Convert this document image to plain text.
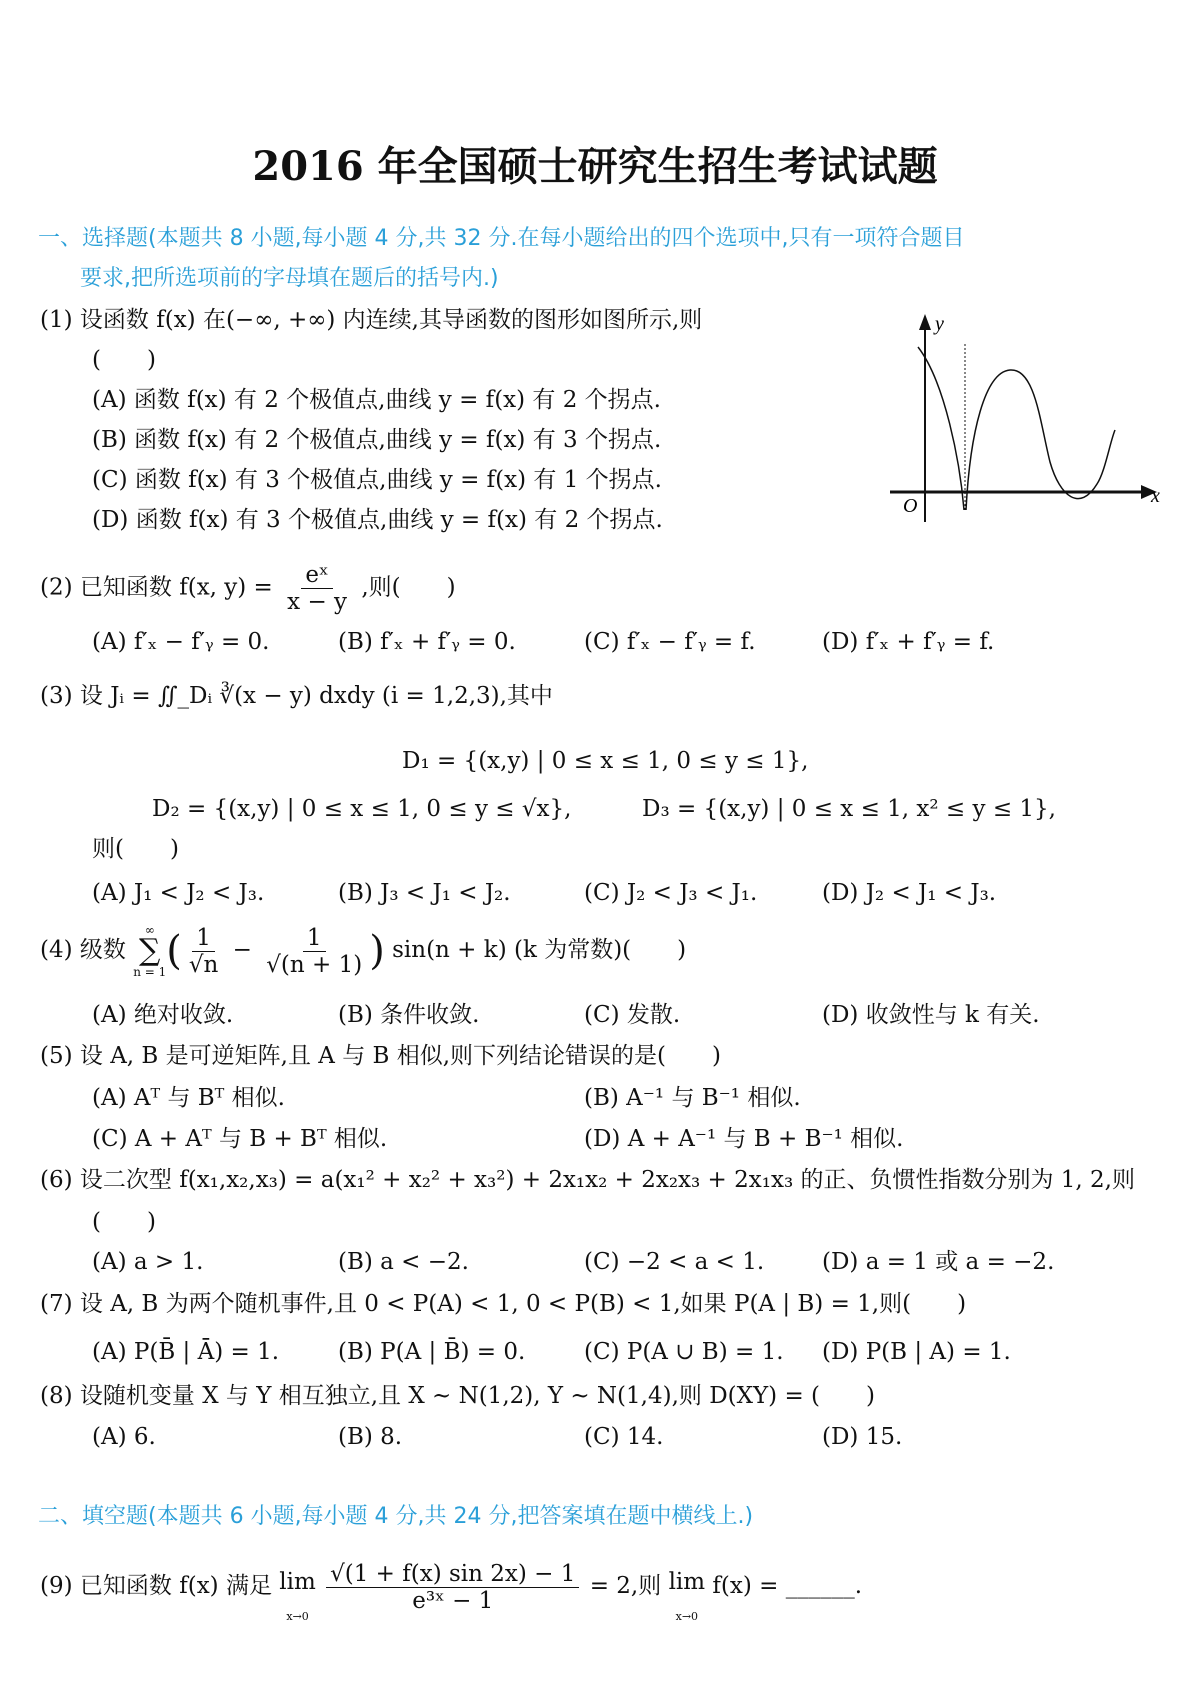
2016 年全国硕士研究生招生考试试题
一、选择题(本题共 8 小题,每小题 4 分,共 32 分.在每小题给出的四个选项中,只有一项符合题目
要求,把所选项前的字母填在题后的括号内.)
(1) 设函数 f(x) 在(−∞, +∞) 内连续,其导函数的图形如图所示,则
(　　)
(A) 函数 f(x) 有 2 个极值点,曲线 y = f(x) 有 2 个拐点.
(B) 函数 f(x) 有 2 个极值点,曲线 y = f(x) 有 3 个拐点.
(C) 函数 f(x) 有 3 个极值点,曲线 y = f(x) 有 1 个拐点.
(D) 函数 f(x) 有 3 个极值点,曲线 y = f(x) 有 2 个拐点.
y
x
O
(2) 已知函数 f(x, $y) = \frac{\text{eˣ}}{x - y}$ ,则(　　)
(A) f′ₓ − f′ᵧ = 0.	(B) f′ₓ + f′ᵧ = 0.	(C) f′ₓ − f′ᵧ = f.	(D) f′ₓ + f′ᵧ = f.
(3) 设 Jᵢ = ∬_Dᵢ ∛(x − y) dxdy (i = 1,2,3),其中
D₁ = {(x,y) | 0 ≤ x ≤ 1, 0 ≤ y ≤ 1},
D₂ = {(x,y) | 0 ≤ x ≤ 1, 0 ≤ y ≤ √x},	D₃ = {(x,y) | 0 ≤ x ≤ 1, x² ≤ y ≤ 1},
则(　　)
(A) J₁ < J₂ < J₃.	(B) J₃ < J₁ < J₂.	(C) J₂ < J₃ < J₁.	(D) J₂ < J₁ < J₃.
(4) 级数
∞
∑
n = 1 ( $\frac{1}{√n} - \frac{1}{√(n + 1)}$ ) sin(n + k) (k 为常数)(　　)
(A) 绝对收敛.	(B) 条件收敛.	(C) 发散.	(D) 收敛性与 k 有关.
(5) 设 A, B 是可逆矩阵,且 A 与 B 相似,则下列结论错误的是(　　)
(A) Aᵀ 与 Bᵀ 相似.	(B) A⁻¹ 与 B⁻¹ 相似.
(C) A + Aᵀ 与 B + Bᵀ 相似.	(D) A + A⁻¹ 与 B + B⁻¹ 相似.
(6) 设二次型 f(x₁,x₂,x₃) = a(x₁² + x₂² + x₃²) + 2x₁x₂ + 2x₂x₃ + 2x₁x₃ 的正、负惯性指数分别为 1, 2,则
(　　)
(A) a > 1.	(B) a < −2.	(C) −2 < a < 1.	(D) a = 1 或 a = −2.
(7) 设 A, B 为两个随机事件,且 0 < P(A) < 1, 0 < P(B) < 1,如果 P(A | B) = 1,则(　　)
(A) P(B̄ | Ā) = 1.	(B) P(A | B̄) = 0.	(C) P(A ∪ B) = 1. (D) P(B | A) = 1.
(8) 设随机变量 X 与 Y 相互独立,且 X ~ N(1,2), Y ~ N(1,4),则 D(XY) = (　　)
(A) 6.	(B) 8.	(C) 14.	(D) 15.
二、填空题(本题共 6 小题,每小题 4 分,共 24 分,把答案填在题中横线上.)
(9) 已知函数 f(x) 满足 lim
x→0

$\frac{√(1 + f(x) \sin 2x) - 1}{\text{e³ˣ − 1}} = 2$,则 lim
x→0
f(x) = ______.
